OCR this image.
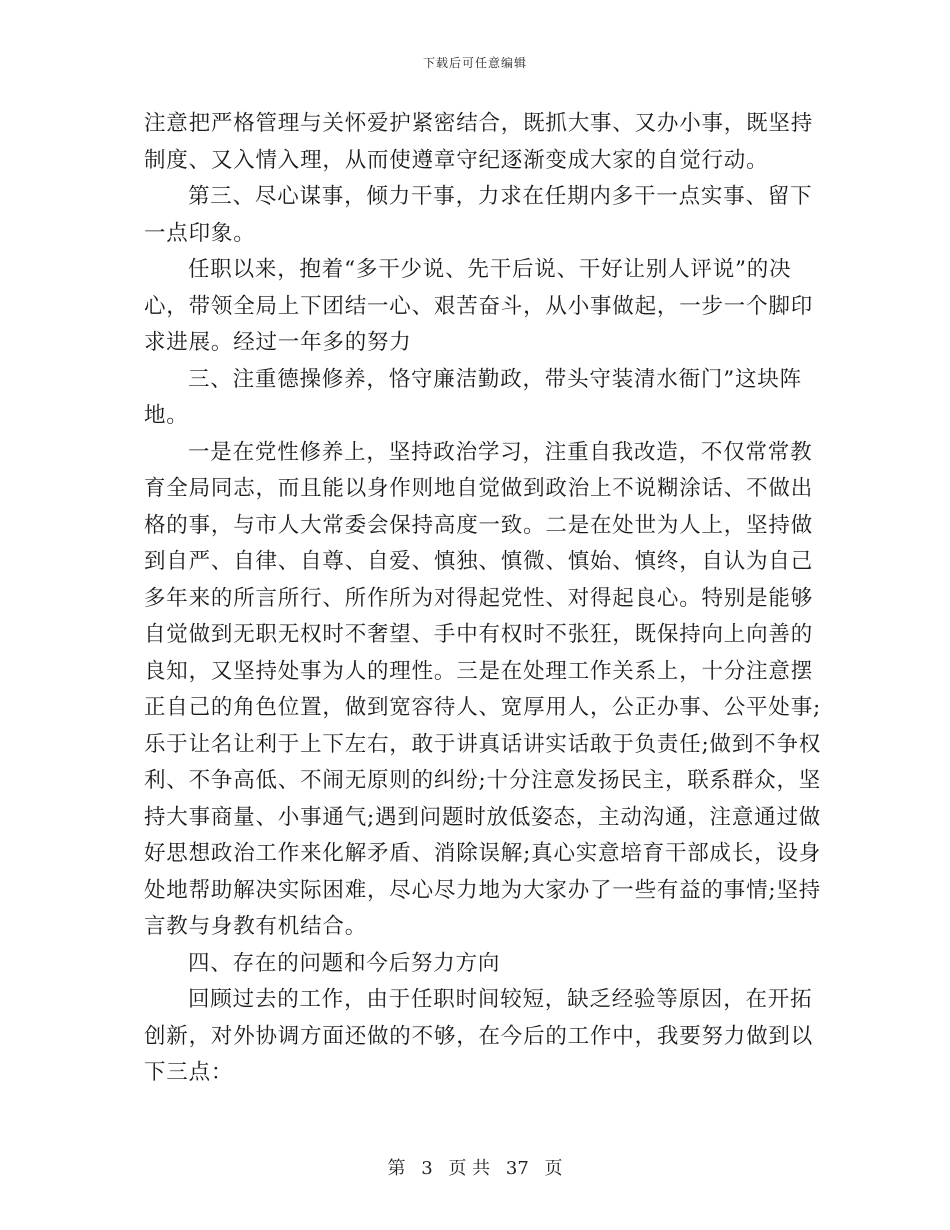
下载后可任意编辑
注意把严格管理与关怀爱护紧密结合，既抓大事、又办小事，既坚持
制度、又入情入理，从而使遵章守纪逐渐变成大家的自觉行动。
第三、尽心谋事，倾力干事，力求在任期内多干一点实事、留下
一点印象。
任职以来，抱着“多干少说、先干后说、干好让别人评说”的决
心，带领全局上下团结一心、艰苦奋斗，从小事做起，一步一个脚印
求进展。经过一年多的努力
三、注重德操修养，恪守廉洁勤政，带头守装清水衙门”这块阵
地。
一是在党性修养上，坚持政治学习，注重自我改造，不仅常常教
育全局同志，而且能以身作则地自觉做到政治上不说糊涂话、不做出
格的事，与市人大常委会保持高度一致。二是在处世为人上，坚持做
到自严、自律、自尊、自爱、慎独、慎微、慎始、慎终，自认为自己
多年来的所言所行、所作所为对得起党性、对得起良心。特别是能够
自觉做到无职无权时不奢望、手中有权时不张狂，既保持向上向善的
良知，又坚持处事为人的理性。三是在处理工作关系上，十分注意摆
正自己的角色位置，做到宽容待人、宽厚用人，公正办事、公平处事;
乐于让名让利于上下左右，敢于讲真话讲实话敢于负责任;做到不争权
利、不争高低、不闹无原则的纠纷;十分注意发扬民主，联系群众，坚
持大事商量、小事通气;遇到问题时放低姿态，主动沟通，注意通过做
好思想政治工作来化解矛盾、消除误解;真心实意培育干部成长，设身
处地帮助解决实际困难，尽心尽力地为大家办了一些有益的事情;坚持
言教与身教有机结合。
四、存在的问题和今后努力方向
回顾过去的工作，由于任职时间较短，缺乏经验等原因，在开拓
创新，对外协调方面还做的不够，在今后的工作中，我要努力做到以
下三点：
第 3 页 共 37 页
